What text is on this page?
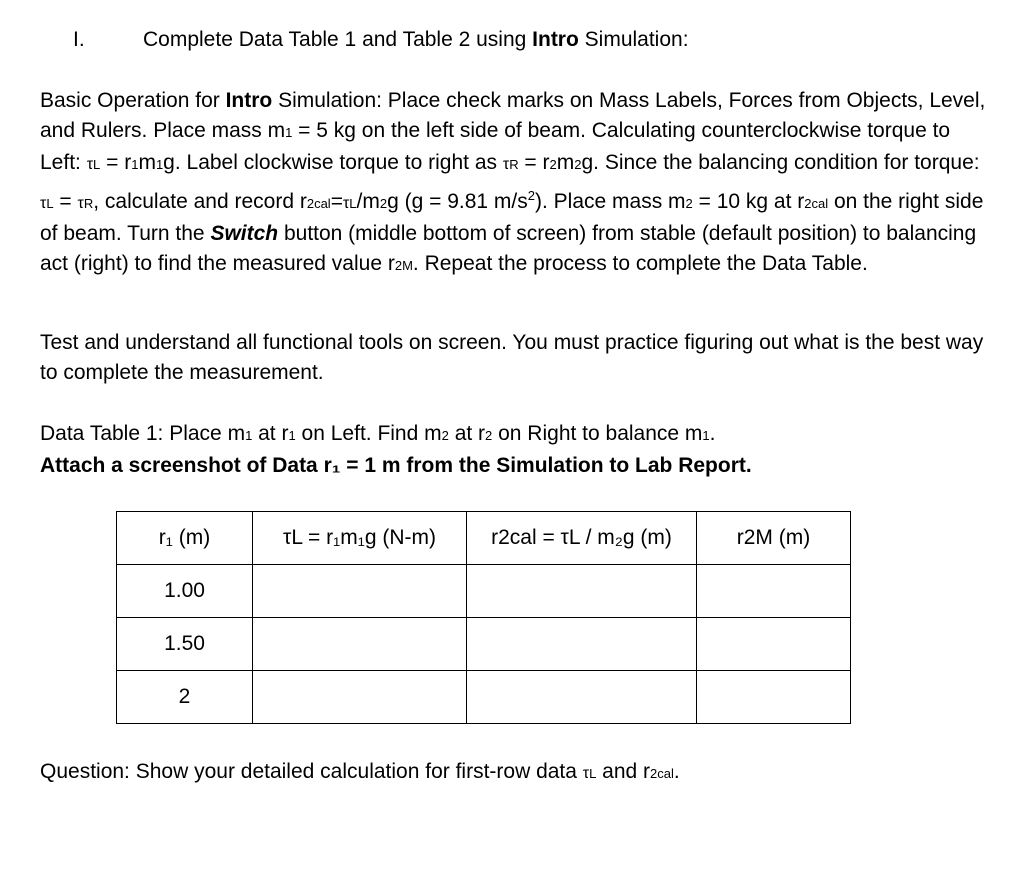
I.	Complete Data Table 1 and Table 2 using Intro Simulation:
Basic Operation for Intro Simulation: Place check marks on Mass Labels, Forces from Objects, Level, and Rulers. Place mass m1 = 5 kg on the left side of beam. Calculating counterclockwise torque to Left: τL = r1m1g. Label clockwise torque to right as τR = r2m2g. Since the balancing condition for torque: τL = τR, calculate and record r2cal=τL/m2g (g = 9.81 $m/s^2$). Place mass m2 = 10 kg at r2cal on the right side of beam. Turn the Switch button (middle bottom of screen) from stable (default position) to balancing act (right) to find the measured value r2M. Repeat the process to complete the Data Table.
Test and understand all functional tools on screen. You must practice figuring out what is the best way to complete the measurement.
Data Table 1: Place m1 at r1 on Left. Find m2 at r2 on Right to balance m1.
Attach a screenshot of Data r₁ = 1 m from the Simulation to Lab Report.
r₁ (m)	τL = r₁m₁g (N-m)	r2cal = τL / m₂g (m)	r2M (m)
1.00			
1.50			
2			
Question: Show your detailed calculation for first-row data τL and r2cal.
